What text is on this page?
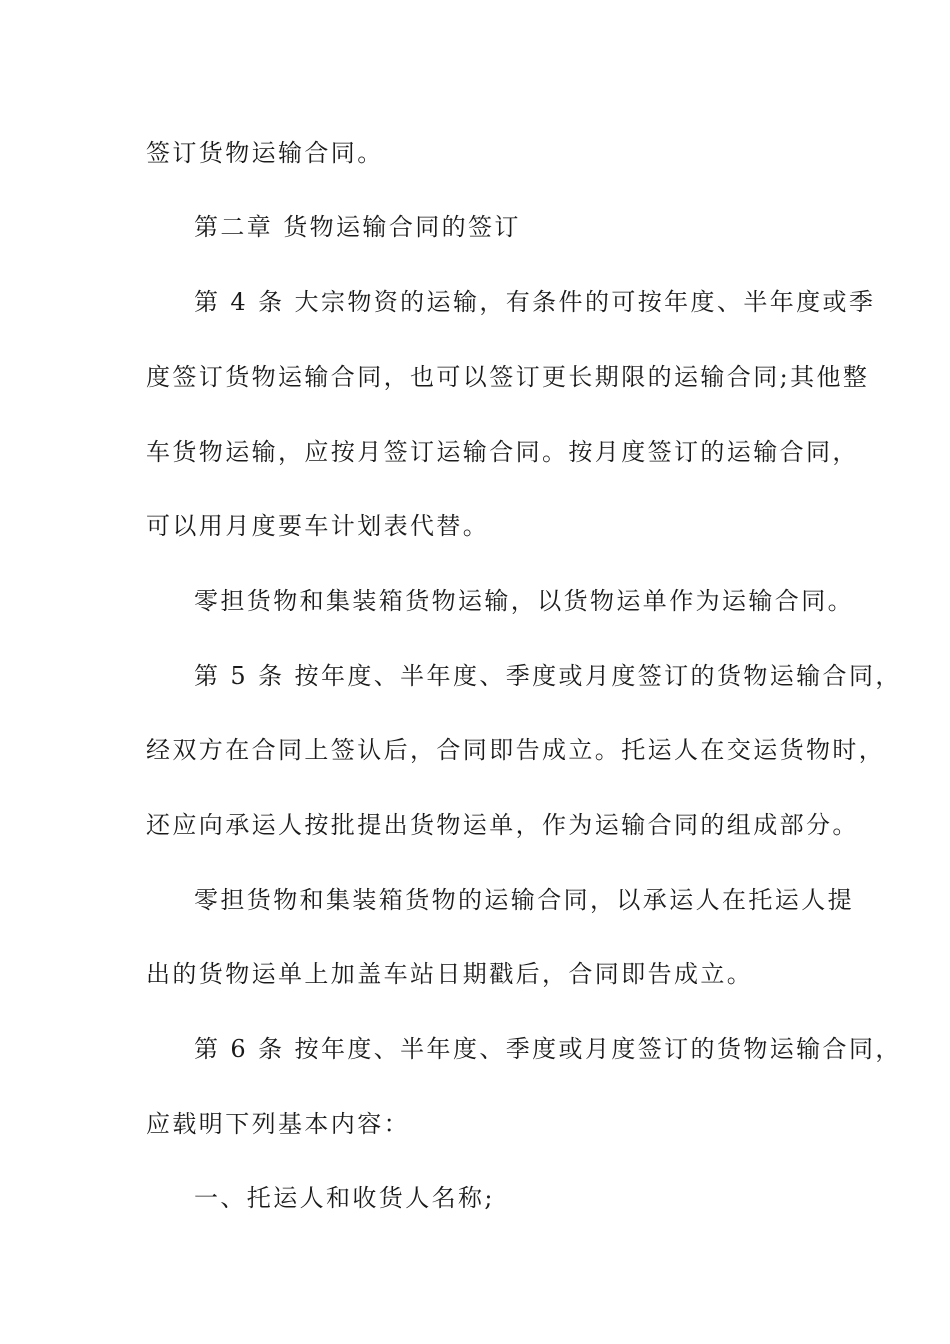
签订货物运输合同。

第二章 货物运输合同的签订

第 4 条 大宗物资的运输，有条件的可按年度、半年度或季

度签订货物运输合同，也可以签订更长期限的运输合同;其他整

车货物运输，应按月签订运输合同。按月度签订的运输合同，

可以用月度要车计划表代替。

零担货物和集装箱货物运输，以货物运单作为运输合同。

第 5 条 按年度、半年度、季度或月度签订的货物运输合同，

经双方在合同上签认后，合同即告成立。托运人在交运货物时，

还应向承运人按批提出货物运单，作为运输合同的组成部分。

零担货物和集装箱货物的运输合同，以承运人在托运人提

出的货物运单上加盖车站日期戳后，合同即告成立。

第 6 条 按年度、半年度、季度或月度签订的货物运输合同，

应载明下列基本内容：

一、托运人和收货人名称;
